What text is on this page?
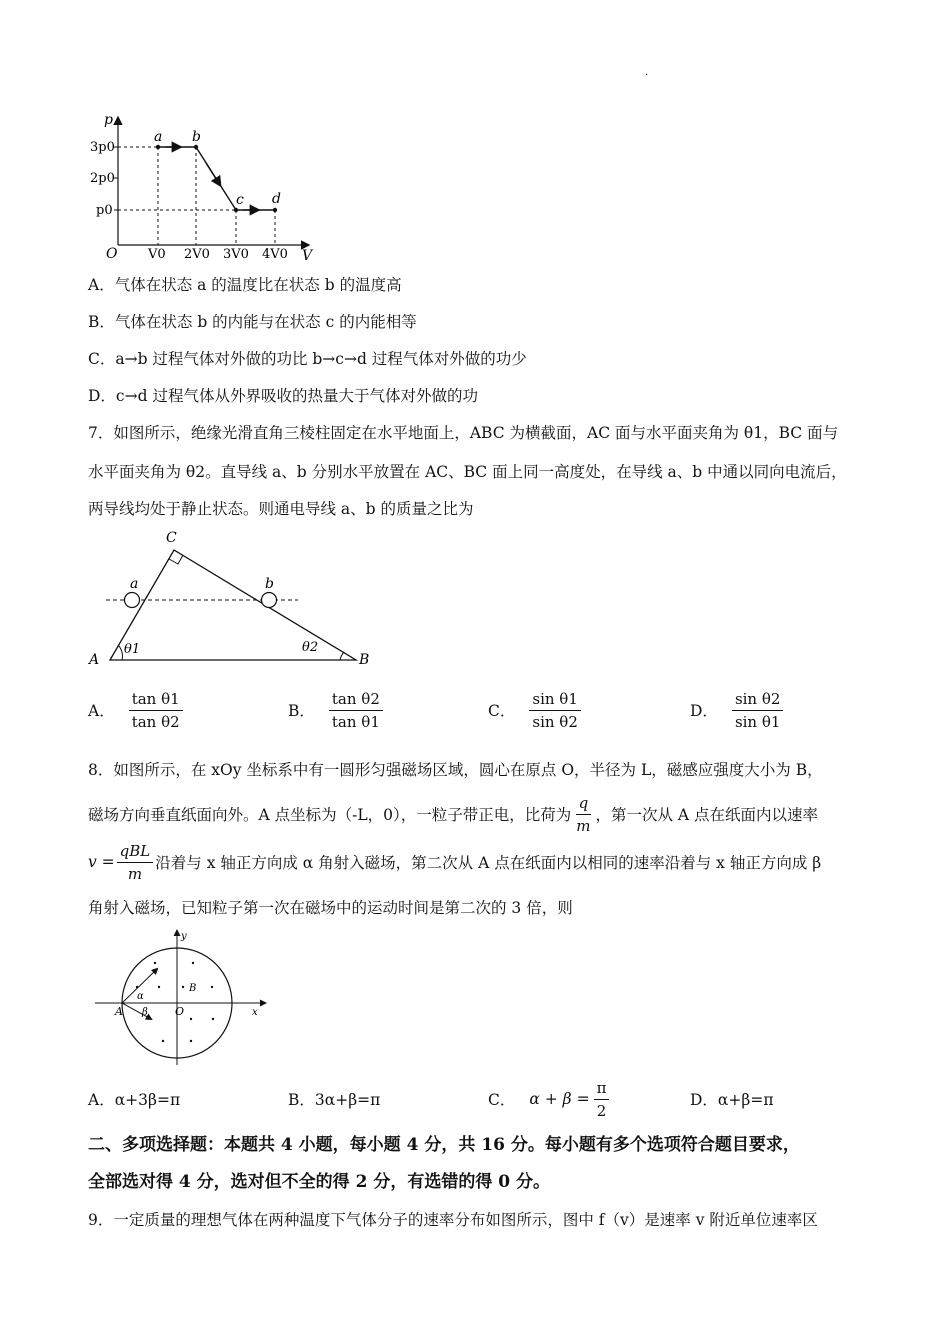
·
p
V
O
3p0
2p0
p0
V0 2V0 3V0 4V0
a b
c d
A．气体在状态 a 的温度比在状态 b 的温度高
B．气体在状态 b 的内能与在状态 c 的内能相等
C．a→b 过程气体对外做的功比 b→c→d 过程气体对外做的功少
D．c→d 过程气体从外界吸收的热量大于气体对外做的功
7．如图所示，绝缘光滑直角三棱柱固定在水平地面上，ABC 为横截面，AC 面与水平面夹角为 θ1，BC 面与
水平面夹角为 θ2。直导线 a、b 分别水平放置在 AC、BC 面上同一高度处，在导线 a、b 中通以同向电流后，
两导线均处于静止状态。则通电导线 a、b 的质量之比为
A	B
C
a	b
θ1	θ2
A． $\frac{\text{tan θ1}}{\text{tan θ2}}$	B． $\frac{\text{tan θ2}}{\text{tan θ1}}$	C． $\frac{\text{sin θ1}}{\text{sin θ2}}$	D． $\frac{\text{sin θ2}}{\text{sin θ1}}$
8．如图所示，在 xOy 坐标系中有一圆形匀强磁场区域，圆心在原点 O，半径为 L，磁感应强度大小为 B，
磁场方向垂直纸面向外。A 点坐标为（-L，0），一粒子带正电，比荷为 $\frac{q}{m}$ ，第一次从 A 点在纸面内以速率
$v = \frac{\text{qBL}}{m}$ 沿着与 x 轴正方向成 α 角射入磁场，第二次从 A 点在纸面内以相同的速率沿着与 x 轴正方向成 β
角射入磁场，已知粒子第一次在磁场中的运动时间是第二次的 3 倍，则
y
x
A	O
B
α
β
A．α+3β=π	B．3α+β=π	C． $\alpha + \beta = \frac{\pi}{2}$	D．α+β=π
二、多项选择题：本题共 4 小题，每小题 4 分，共 16 分。每小题有多个选项符合题目要求，
全部选对得 4 分，选对但不全的得 2 分，有选错的得 0 分。
9．一定质量的理想气体在两种温度下气体分子的速率分布如图所示，图中 f（v）是速率 v 附近单位速率区
